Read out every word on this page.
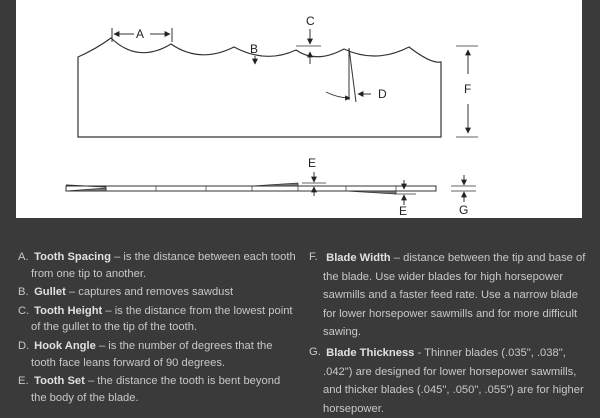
A
B
C
D	F
E
E	G
A. Tooth Spacing – is the distance between each tooth from one tip to another.
B. Gullet – captures and removes sawdust
C. Tooth Height – is the distance from the lowest point of the gullet to the tip of the tooth.
D. Hook Angle – is the number of degrees that the tooth face leans forward of 90 degrees.
E. Tooth Set – the distance the tooth is bent beyond the body of the blade.
F. Blade Width – distance between the tip and base of the blade. Use wider blades for high horsepower sawmills and a faster feed rate. Use a narrow blade for lower horsepower sawmills and for more difficult sawing.
G. Blade Thickness - Thinner blades (.035", .038", .042") are designed for lower horsepower sawmills, and thicker blades (.045", .050", .055") are for higher horsepower.
